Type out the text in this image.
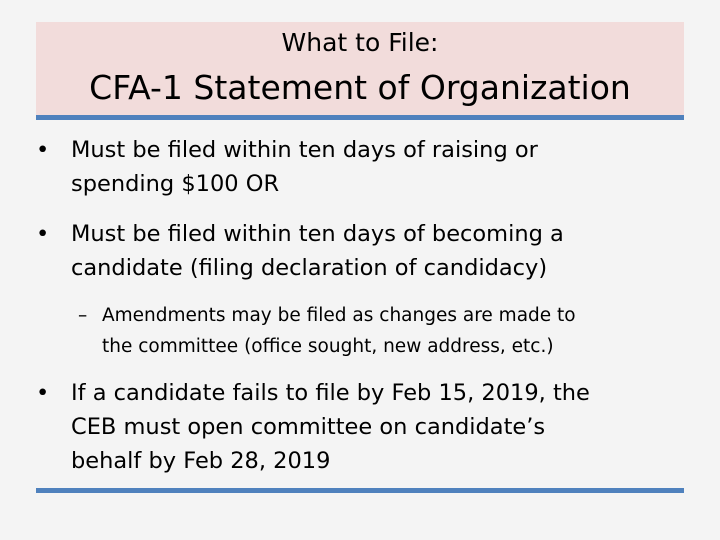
What to File:
CFA-1 Statement of Organization
• Must be filed within ten days of raising or
spending $100 OR
• Must be filed within ten days of becoming a
candidate (filing declaration of candidacy)
– Amendments may be filed as changes are made to
the committee (office sought, new address, etc.)
• If a candidate fails to file by Feb 15, 2019, the
CEB must open committee on candidate’s
behalf by Feb 28, 2019
